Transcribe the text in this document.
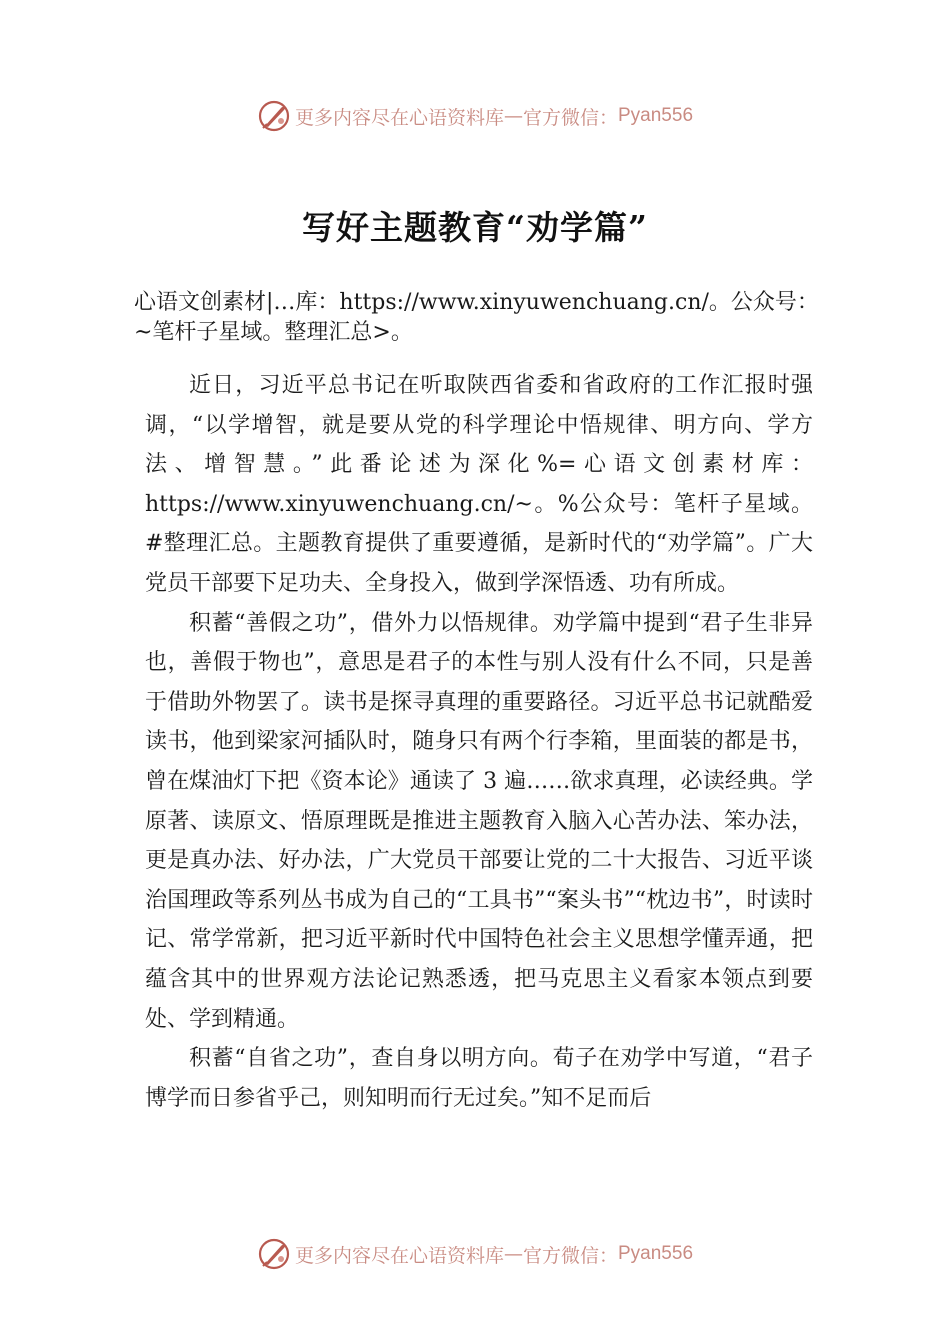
更多内容尽在心语资料库 — 官方微信： Pyan556
写好主题教育“劝学篇”

心语文创素材|…库：https://www.xinyuwenchuang.cn/。公众号：~笔杆子星域。整理汇总>。

近日，习近平总书记在听取陕西省委和省政府的工作汇报时强调，“以学增智，就是要从党的科学理论中悟规律、明方向、学方法、增智慧。”此番论述为深化%=心语文创素材库：https://www.xinyuwenchuang.cn/~。%公众号：笔杆子星域。#整理汇总。主题教育提供了重要遵循，是新时代的“劝学篇”。广大党员干部要下足功夫、全身投入，做到学深悟透、功有所成。

积蓄“善假之功”，借外力以悟规律。劝学篇中提到“君子生非异也，善假于物也”，意思是君子的本性与别人没有什么不同，只是善于借助外物罢了。读书是探寻真理的重要路径。习近平总书记就酷爱读书，他到梁家河插队时，随身只有两个行李箱，里面装的都是书，曾在煤油灯下把《资本论》通读了 3 遍……欲求真理，必读经典。学原著、读原文、悟原理既是推进主题教育入脑入心苦办法、笨办法，更是真办法、好办法，广大党员干部要让党的二十大报告、习近平谈治国理政等系列丛书成为自己的“工具书”“案头书”“枕边书”，时读时记、常学常新，把习近平新时代中国特色社会主义思想学懂弄通，把蕴含其中的世界观方法论记熟悉透，把马克思主义看家本领点到要处、学到精通。

积蓄“自省之功”，查自身以明方向。荀子在劝学中写道，“君子博学而日参省乎己，则知明而行无过矣。”知不足而后

更多内容尽在心语资料库 — 官方微信： Pyan556
